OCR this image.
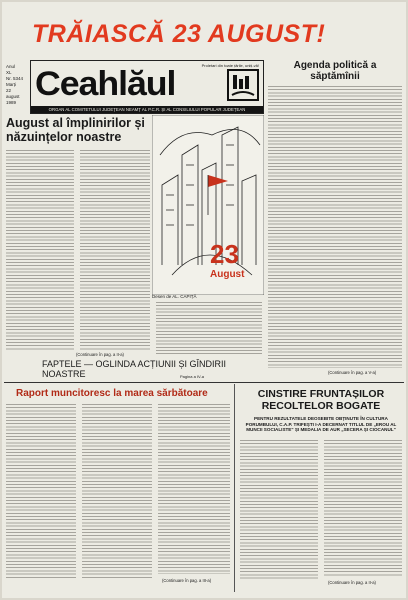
TRĂIASCĂ 23 AUGUST!
Anul
XL
Nr. 5344
Marți
22
august
1989
Proletari din toate țările, uniți-vă!
Ceahlăul
ORGAN AL COMITETULUI JUDEȚEAN NEAMȚ AL P.C.R. ȘI AL CONSILIULUI POPULAR JUDEȚEAN
Agenda politică a săptămînii
(Continuare în pag. a V-a)
August al împlinirilor și năzuințelor noastre
(Continuare în pag. a II-a)
23
August
Desen de AL. CAPIȚĂ
FAPTELE — OGLINDA ACȚIUNII ȘI GÎNDIRII NOASTRE	Pagina a IV-a
Raport muncitoresc la marea sărbătoare
(Continuare în pag. a III-a)
CINSTIRE FRUNTAȘILOR RECOLTELOR BOGATE
PENTRU REZULTATELE DEOSEBITE OBȚINUTE ÎN CULTURA PORUMBULUI, C.A.P. TRIFEȘTI I-A DECERNAT TITLUL DE „EROU AL MUNCII SOCIALISTE" ȘI MEDALIA DE AUR „SECERA ȘI CIOCANUL"
(Continuare în pag. a II-a)
